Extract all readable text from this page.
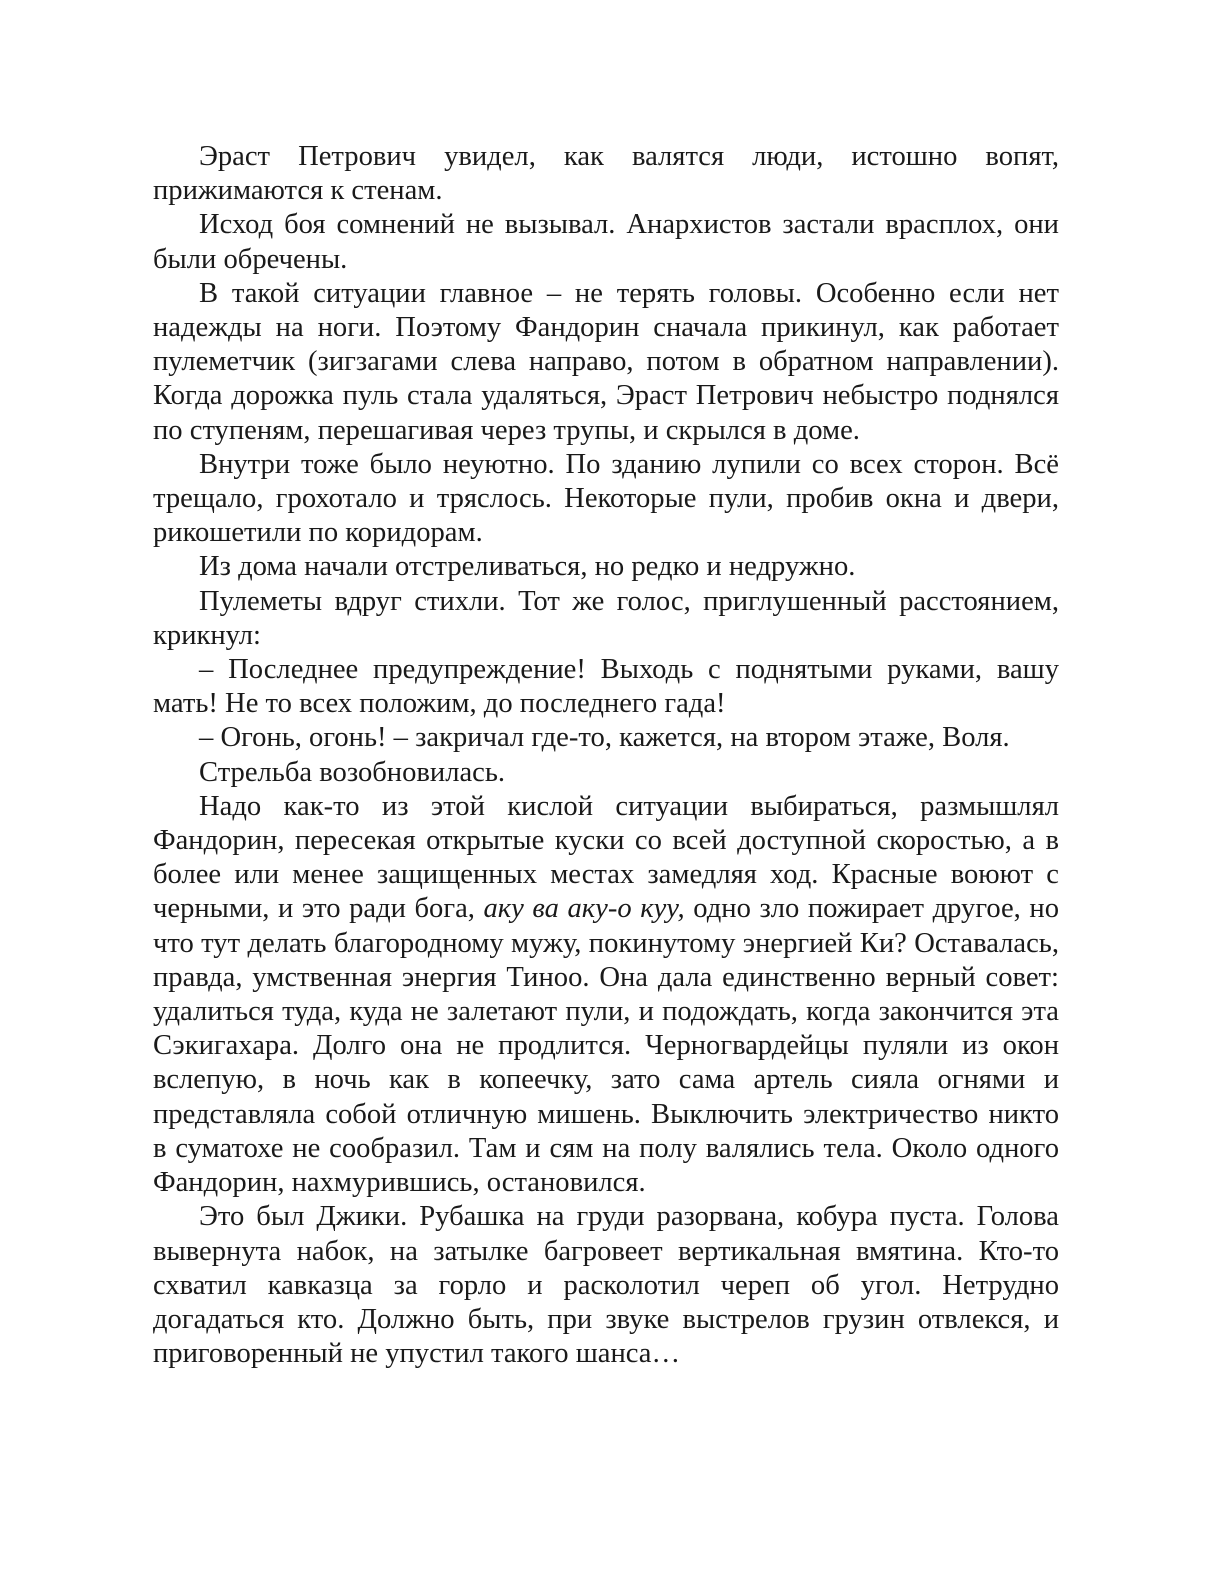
Эраст Петрович увидел, как валятся люди, истошно вопят, прижимаются к стенам.

Исход боя сомнений не вызывал. Анархистов застали врасплох, они были обречены.

В такой ситуации главное – не терять головы. Особенно если нет надежды на ноги. Поэтому Фандорин сначала прикинул, как работает пулеметчик (зигзагами слева направо, потом в обратном направлении). Когда дорожка пуль стала удаляться, Эраст Петрович небыстро поднялся по ступеням, перешагивая через трупы, и скрылся в доме.

Внутри тоже было неуютно. По зданию лупили со всех сторон. Всё трещало, грохотало и тряслось. Некоторые пули, пробив окна и двери, рикошетили по коридорам.

Из дома начали отстреливаться, но редко и недружно.

Пулеметы вдруг стихли. Тот же голос, приглушенный расстоянием, крикнул:

– Последнее предупреждение! Выходь с поднятыми руками, вашу мать! Не то всех положим, до последнего гада!

– Огонь, огонь! – закричал где-то, кажется, на втором этаже, Воля.

Стрельба возобновилась.

Надо как-то из этой кислой ситуации выбираться, размышлял Фандорин, пересекая открытые куски со всей доступной скоростью, а в более или менее защищенных местах замедляя ход. Красные воюют с черными, и это ради бога, аку ва аку-о куу, одно зло пожирает другое, но что тут делать благородному мужу, покинутому энергией Ки? Оставалась, правда, умственная энергия Тиноо. Она дала единственно верный совет: удалиться туда, куда не залетают пули, и подождать, когда закончится эта Сэкигахара. Долго она не продлится. Черногвардейцы пуляли из окон вслепую, в ночь как в копеечку, зато сама артель сияла огнями и представляла собой отличную мишень. Выключить электричество никто в суматохе не сообразил. Там и сям на полу валялись тела. Около одного Фандорин, нахмурившись, остановился.

Это был Джики. Рубашка на груди разорвана, кобура пуста. Голова вывернута набок, на затылке багровеет вертикальная вмятина. Кто-то схватил кавказца за горло и расколотил череп об угол. Нетрудно догадаться кто. Должно быть, при звуке выстрелов грузин отвлекся, и приговоренный не упустил такого шанса…
